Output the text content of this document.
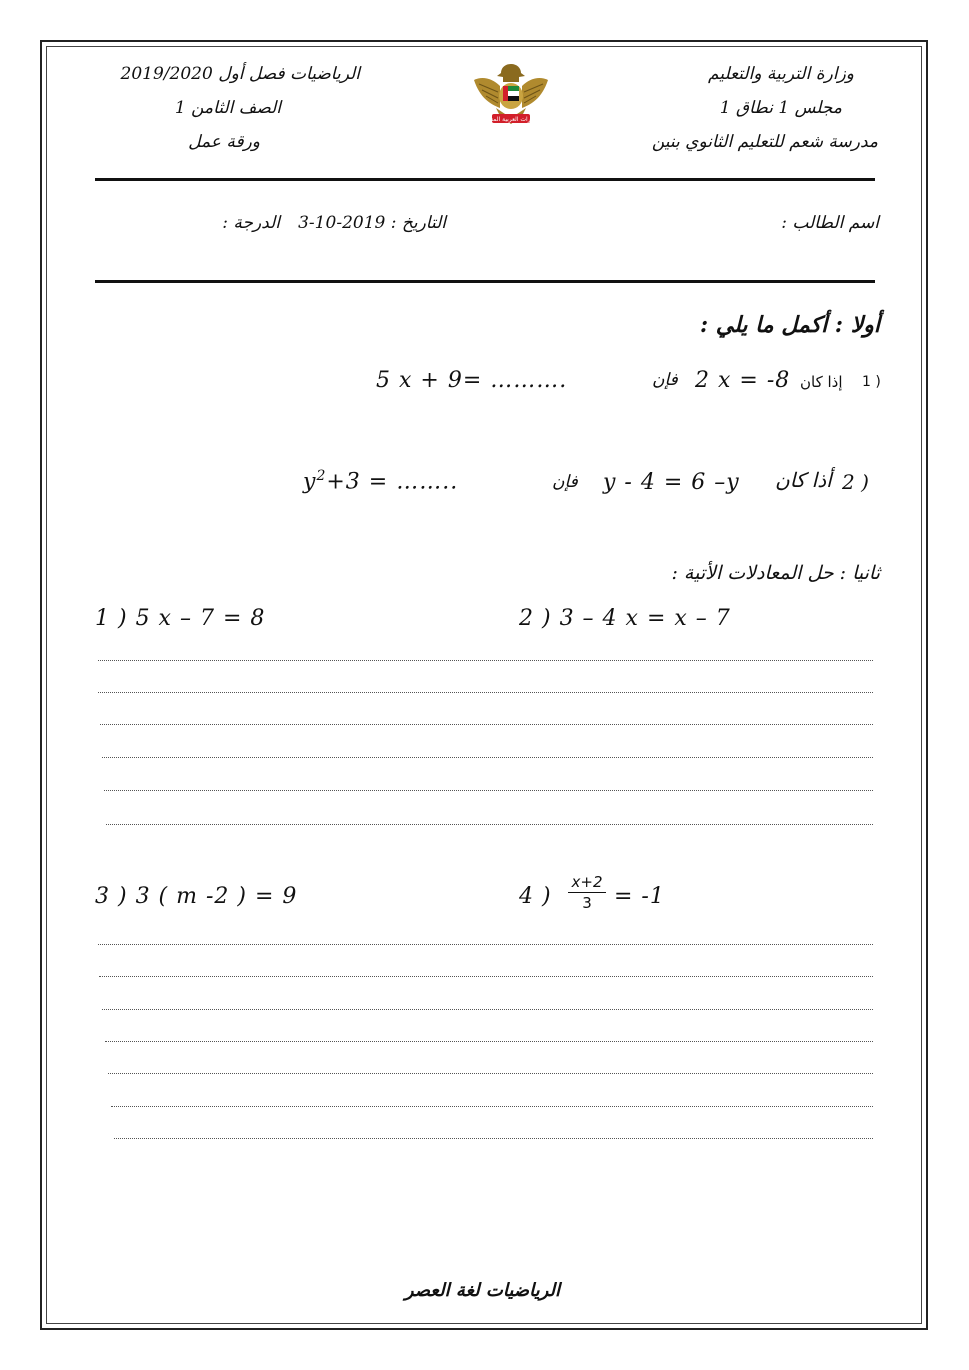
وزارة التربية والتعليم
مجلس 1 نطاق 1
مدرسة شعم للتعليم الثانوي بنين
الرياضيات فصل أول 2019/2020
الصف الثامن 1
ورقة عمل
الإمارات العربية المتحدة
اسم الطالب :
التاريخ : 2019-10-3
الدرجة :
أولا : أكمل ما يلي :
1 )
إذا كان
2 x = -8
فإن
5 x + 9= ……….
2 )
أذا كان
y - 4 = 6 –y
فإن
$y^2+3$ = ……..
ثانيا : حل المعادلات الأتية :
1 ) 5 x – 7 = 8	2 ) 3 – 4 x = x – 7
3 ) 3 ( m -2 ) = 9	4 ) $\frac{x+2}{3} = -1$
الرياضيات لغة العصر
